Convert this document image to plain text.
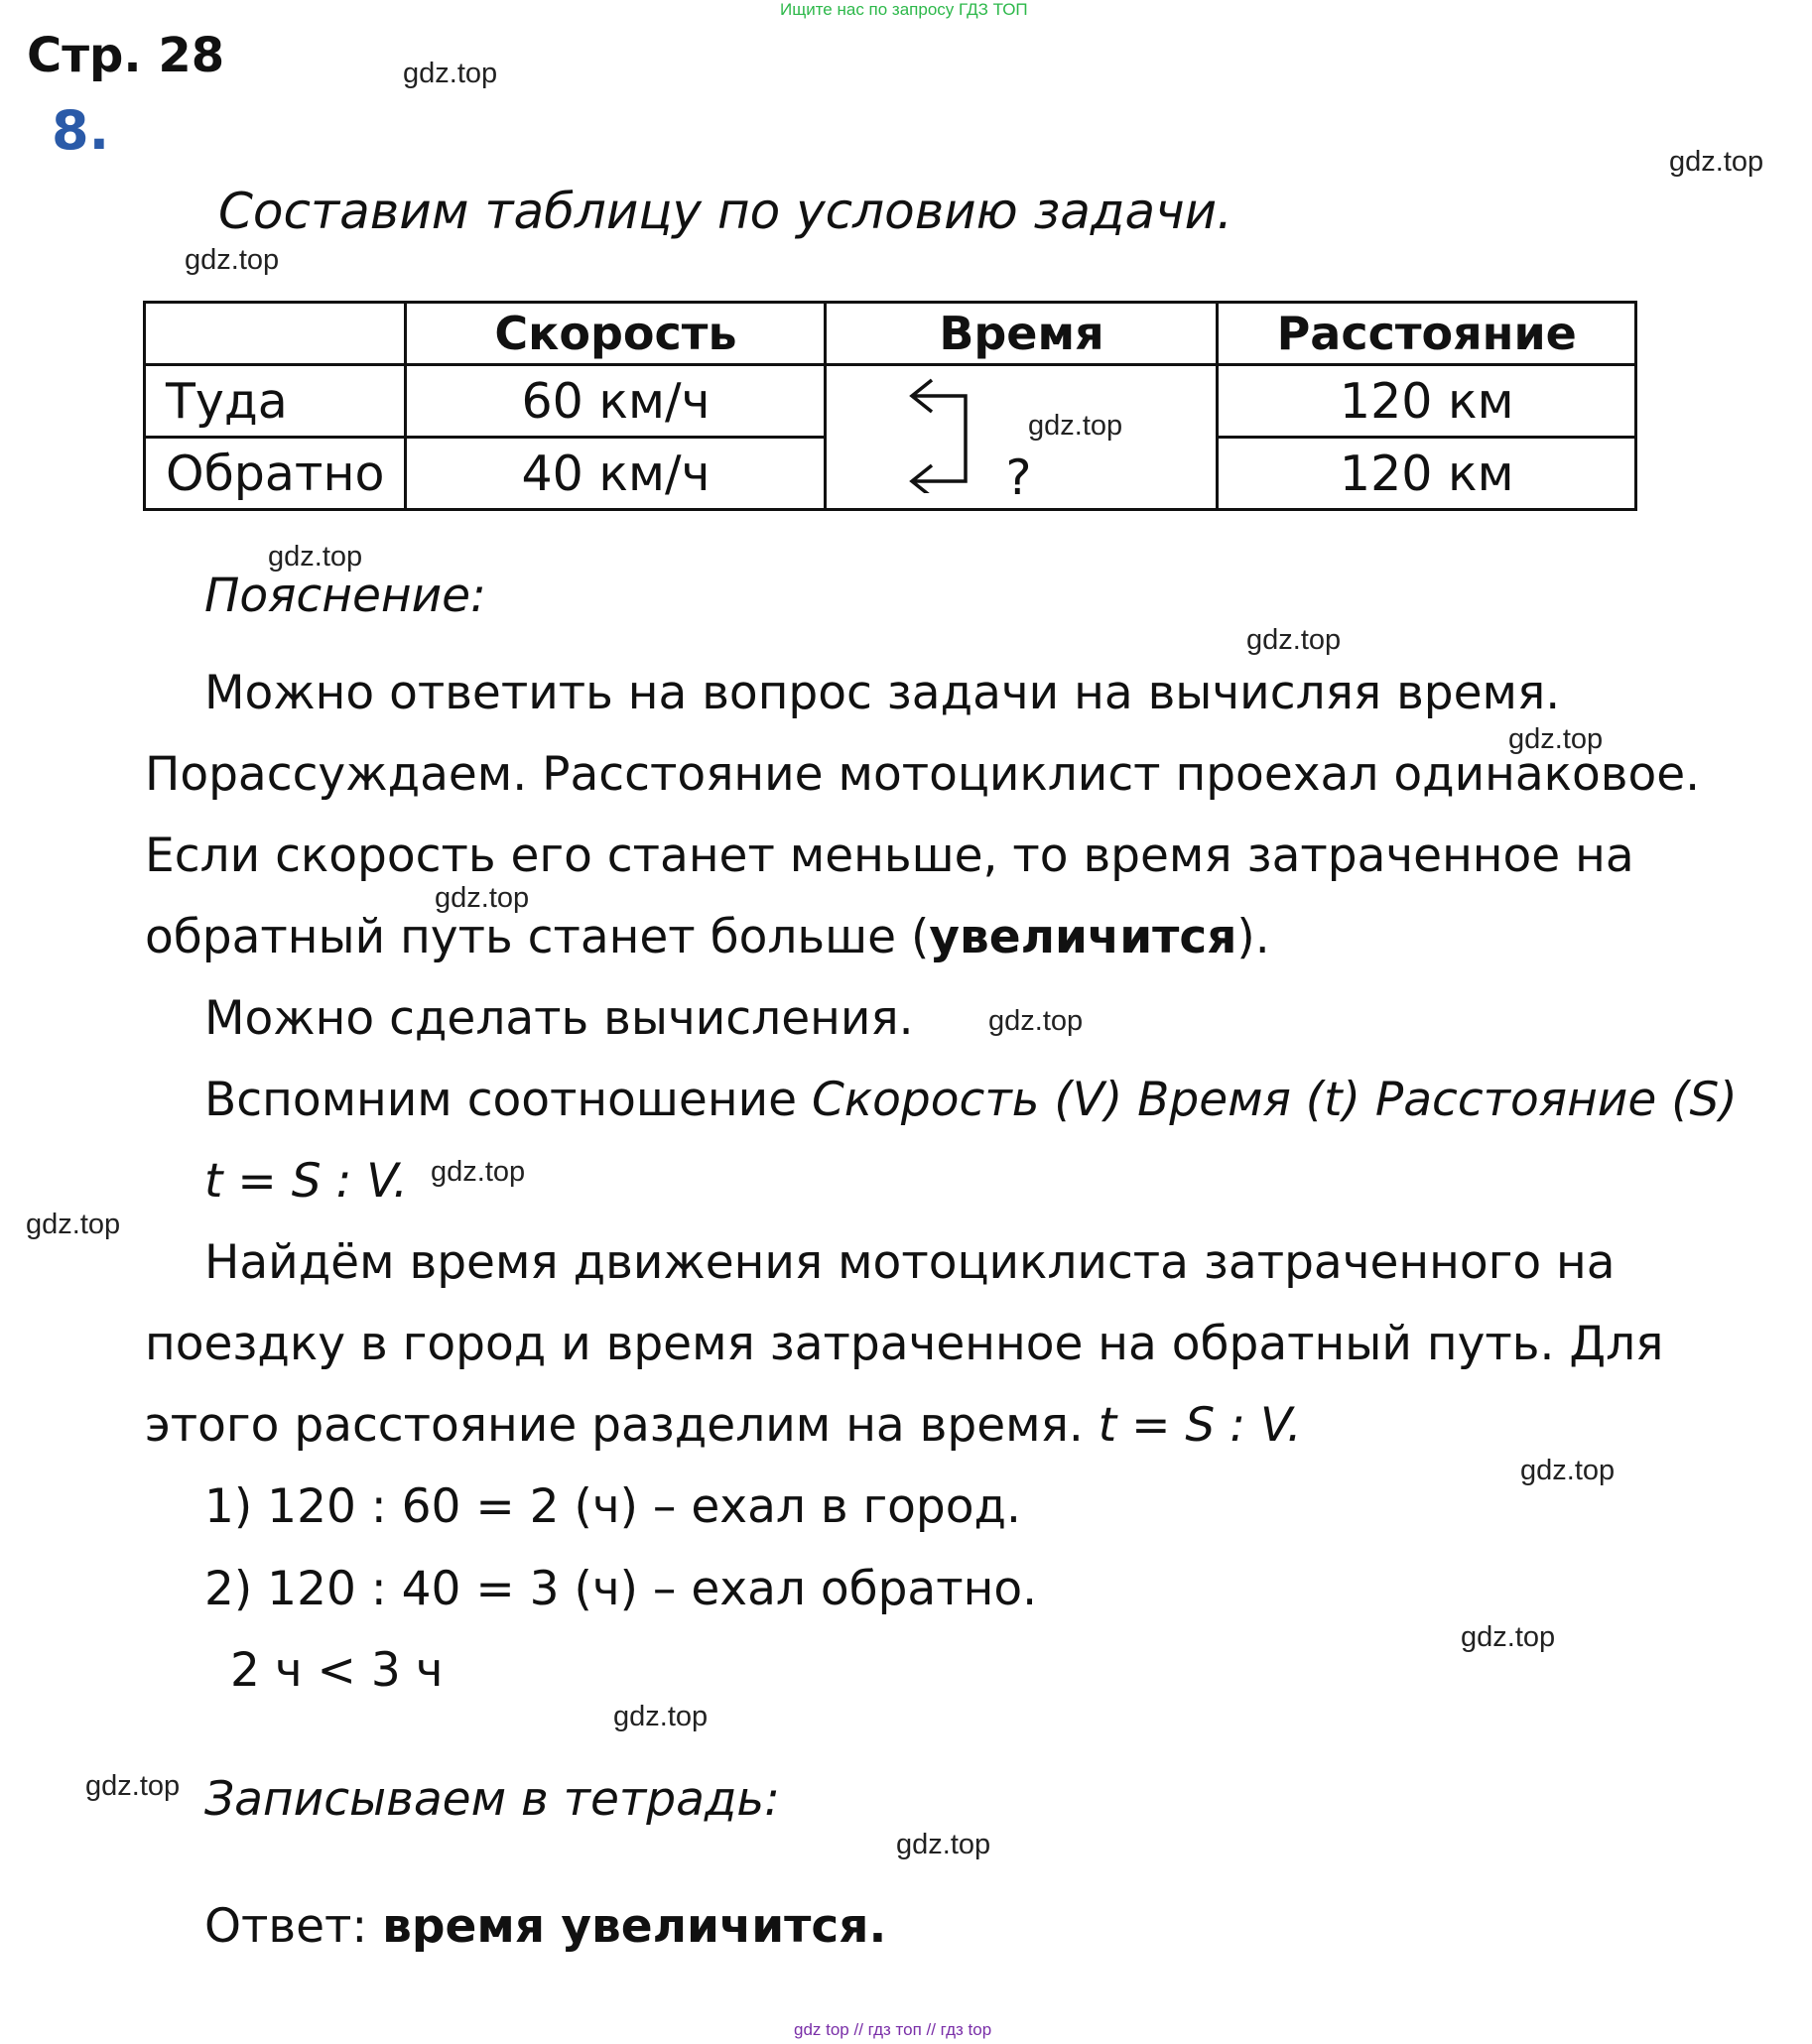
Ищите нас по запросу ГДЗ ТОП
Стр. 28
8.
Составим таблицу по условию задачи.
	Скорость	Время	Расстояние
Туда	60 км/ч	?	120 км
Обратно	40 км/ч		120 км
Пояснение:
Можно ответить на вопрос задачи на вычисляя время.
Порассуждаем. Расстояние мотоциклист проехал одинаковое.
Если скорость его станет меньше, то время затраченное на
обратный путь станет больше (увеличится).
Можно сделать вычисления.
Вспомним соотношение Скорость (V) Время (t) Расстояние (S)
t = S : V.
Найдём время движения мотоциклиста затраченного на
поездку в город и время затраченное на обратный путь. Для
этого расстояние разделим на время. t = S : V.
1) 120 : 60 = 2 (ч) – ехал в город.
2) 120 : 40 = 3 (ч) – ехал обратно.
2 ч < 3 ч
Записываем в тетрадь:
Ответ: время увеличится.
gdz.top
gdz.top
gdz.top
gdz.top
gdz.top
gdz.top
gdz.top
gdz.top
gdz.top
gdz.top
gdz.top
gdz.top
gdz.top
gdz.top
gdz.top
gdz.top
gdz top // гдз топ // гдз top
